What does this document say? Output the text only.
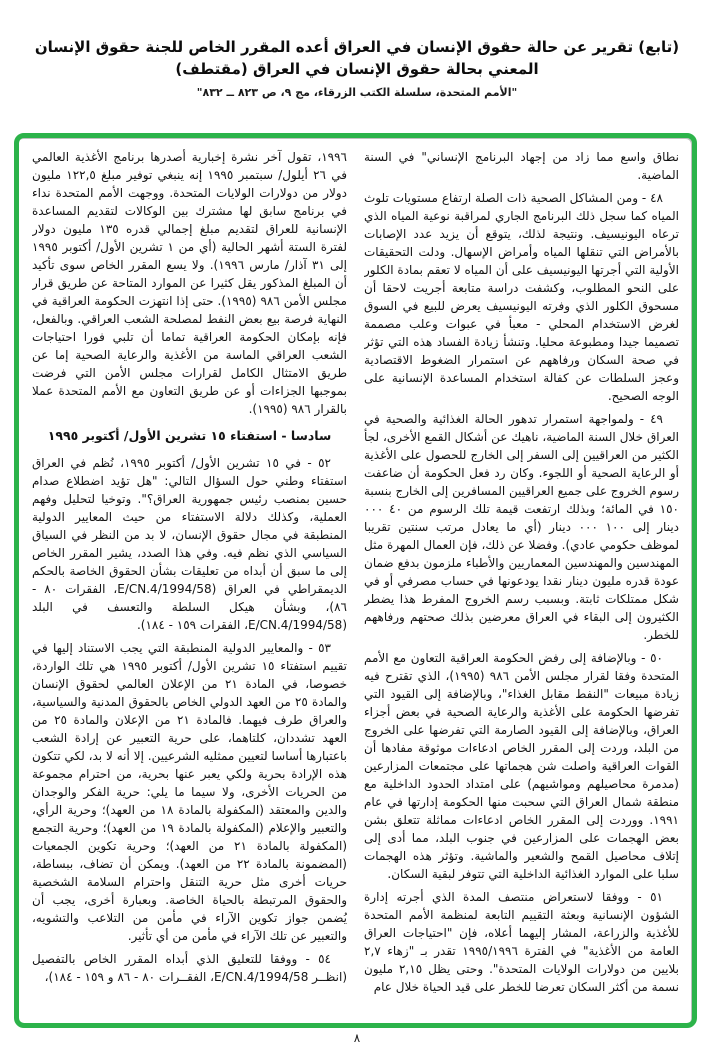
(تابع) تقرير عن حالة حقوق الإنسان في العراق أعده المقرر الخاص للجنة حقوق الإنسان
المعني بحالة حقوق الإنسان في العراق (مقتطف)
"الأمم المتحدة، سلسلة الكتب الزرقاء، مج ٩، ص ٨٢٣ ــ ٨٣٢"

نطاق واسع مما زاد من إجهاد البرنامج الإنساني" في السنة الماضية.

٤٨ - ومن المشاكل الصحية ذات الصلة ارتفاع مستويات تلوث المياه كما سجل ذلك البرنامج الجاري لمراقبة نوعية المياه الذي ترعاه اليونيسيف. ونتيجة لذلك، يتوقع أن يزيد عدد الإصابات بالأمراض التي تنقلها المياه وأمراض الإسهال. ودلت التحقيقات الأولية التي أجرتها اليونيسيف على أن المياه لا تعقم بمادة الكلور على النحو المطلوب، وكشفت دراسة متابعة أجريت لاحقا أن مسحوق الكلور الذي وفرته اليونيسيف يعرض للبيع في السوق لغرض الاستخدام المحلي - معبأ في عبوات وعلب مصممة تصميما جيدا ومطبوعة محليا. وتنشأ زيادة الفساد هذه التي تؤثر في صحة السكان ورفاههم عن استمرار الضغوط الاقتصادية وعجز السلطات عن كفالة استخدام المساعدة الإنسانية على الوجه الصحيح.

٤٩ - ولمواجهة استمرار تدهور الحالة الغذائية والصحية في العراق خلال السنة الماضية، ناهيك عن أشكال القمع الأخرى، لجأ الكثير من العراقيين إلى السفر إلى الخارج للحصول على الأغذية أو الرعاية الصحية أو اللجوء. وكان رد فعل الحكومة أن ضاعفت رسوم الخروج على جميع العراقيين المسافرين إلى الخارج بنسبة ١٥٠ في المائة؛ وبذلك ارتفعت قيمة تلك الرسوم من ٤٠ ٠٠٠ دينار إلى ١٠٠ ٠٠٠ دينار (أي ما يعادل مرتب سنتين تقريبا لموظف حكومي عادي). وفضلا عن ذلك، فإن العمال المهرة مثل المهندسين والمهندسين المعماريين والأطباء ملزمون بدفع ضمان عودة قدره مليون دينار نقدا يودعونها في حساب مصرفي أو في شكل ممتلكات ثابتة. وبسبب رسم الخروج المفرط هذا يضطر الكثيرون إلى البقاء في العراق معرضين بذلك صحتهم ورفاههم للخطر.

٥٠ - وبالإضافة إلى رفض الحكومة العراقية التعاون مع الأمم المتحدة وفقا لقرار مجلس الأمن ٩٨٦ (١٩٩٥)، الذي تقترح فيه زيادة مبيعات "النفط مقابل الغذاء"، وبالإضافة إلى القيود التي تفرضها الحكومة على الأغذية والرعاية الصحية في بعض أجزاء العراق، وبالإضافة إلى القيود الصارمة التي تفرضها على الخروج من البلد، وردت إلى المقرر الخاص ادعاءات موثوقة مفادها أن القوات العراقية واصلت شن هجماتها على مجتمعات المزارعين (مدمرة محاصيلهم ومواشيهم) على امتداد الحدود الداخلية مع منطقة شمال العراق التي سحبت منها الحكومة إدارتها في عام ١٩٩١. ووردت إلى المقرر الخاص ادعاءات مماثلة تتعلق بشن بعض الهجمات على المزارعين في جنوب البلد، مما أدى إلى إتلاف محاصيل القمح والشعير والماشية. وتؤثر هذه الهجمات سلبا على الموارد الغذائية الداخلية التي تتوفر لبقية السكان.

٥١ - ووفقا لاستعراض منتصف المدة الذي أجرته إدارة الشؤون الإنسانية وبعثة التقييم التابعة لمنظمة الأمم المتحدة للأغذية والزراعة، المشار إليهما أعلاه، فإن "احتياجات العراق العامة من الأغذية" في الفترة ١٩٩٥/١٩٩٦ تقدر بـ "زهاء ٢,٧ بلايين من دولارات الولايات المتحدة". وحتى يظل ٢,١٥ مليون نسمة من أكثر السكان تعرضا للخطر على قيد الحياة خلال عام

١٩٩٦، تقول آخر نشرة إخبارية أصدرها برنامج الأغذية العالمي في ٢٦ أيلول/ سبتمبر ١٩٩٥ إنه ينبغي توفير مبلغ ١٢٢,٥ مليون دولار من دولارات الولايات المتحدة. ووجهت الأمم المتحدة نداء في برنامج سابق لها مشترك بين الوكالات لتقديم المساعدة الإنسانية للعراق لتقديم مبلغ إجمالي قدره ١٣٥ مليون دولار لفترة الستة أشهر الحالية (أي من ١ تشرين الأول/ أكتوبر ١٩٩٥ إلى ٣١ آذار/ مارس ١٩٩٦). ولا يسع المقرر الخاص سوى تأكيد أن المبلغ المذكور يقل كثيرا عن الموارد المتاحة عن طريق قرار مجلس الأمن ٩٨٦ (١٩٩٥). حتى إذا انتهزت الحكومة العراقية في النهاية فرصة بيع بعض النفط لمصلحة الشعب العراقي. وبالفعل، فإنه بإمكان الحكومة العراقية تماما أن تلبي فورا احتياجات الشعب العراقي الماسة من الأغذية والرعاية الصحية إما عن طريق الامتثال الكامل لقرارات مجلس الأمن التي فرضت بموجبها الجزاءات أو عن طريق التعاون مع الأمم المتحدة عملا بالقرار ٩٨٦ (١٩٩٥).

سادسا - استفتاء ١٥ تشرين الأول/ أكتوبر ١٩٩٥

٥٢ - في ١٥ تشرين الأول/ أكتوبر ١٩٩٥، نُظم في العراق استفتاء وطني حول السؤال التالي: "هل تؤيد اضطلاع صدام حسين بمنصب رئيس جمهورية العراق؟". وتوخيا لتحليل وفهم العملية، وكذلك دلالة الاستفتاء من حيث المعايير الدولية المنطبقة في مجال حقوق الإنسان، لا بد من النظر في السياق السياسي الذي نظم فيه. وفي هذا الصدد، يشير المقرر الخاص إلى ما سبق أن أبداه من تعليقات بشأن الحقوق الخاصة بالحكم الديمقراطي في العراق (E/CN.4/1994/58، الفقرات ٨٠ - ٨٦)، وبشأن هيكل السلطة والتعسف في البلد (E/CN.4/1994/58، الفقرات ١٥٩ - ١٨٤).

٥٣ - والمعايير الدولية المنطبقة التي يجب الاستناد إليها في تقييم استفتاء ١٥ تشرين الأول/ أكتوبر ١٩٩٥ هي تلك الواردة، خصوصا، في المادة ٢١ من الإعلان العالمي لحقوق الإنسان والمادة ٢٥ من العهد الدولي الخاص بالحقوق المدنية والسياسية، والعراق طرف فيهما. فالمادة ٢١ من الإعلان والمادة ٢٥ من العهد تشددان، كلتاهما، على حرية التعبير عن إرادة الشعب باعتبارها أساسا لتعيين ممثليه الشرعيين. إلا أنه لا بد، لكي تتكون هذه الإرادة بحرية ولكي يعبر عنها بحرية، من احترام مجموعة من الحريات الأخرى، ولا سيما ما يلي: حرية الفكر والوجدان والدين والمعتقد (المكفولة بالمادة ١٨ من العهد)؛ وحرية الرأي، والتعبير والإعلام (المكفولة بالمادة ١٩ من العهد)؛ وحرية التجمع (المكفولة بالمادة ٢١ من العهد)؛ وحرية تكوين الجمعيات (المضمونة بالمادة ٢٢ من العهد). ويمكن أن تضاف، ببساطة، حريات أخرى مثل حرية التنقل واحترام السلامة الشخصية والحقوق المرتبطة بالحياة الخاصة. وبعبارة أخرى، يجب أن يُضمن جواز تكوين الآراء في مأمن من التلاعب والتشويه، والتعبير عن تلك الآراء في مأمن من أي تأثير.

٥٤ - ووفقا للتعليق الذي أبداه المقرر الخاص بالتفصيل (انظــر E/CN.4/1994/58، الفقــرات ٨٠ - ٨٦ و ١٥٩ - ١٨٤)،

٨
